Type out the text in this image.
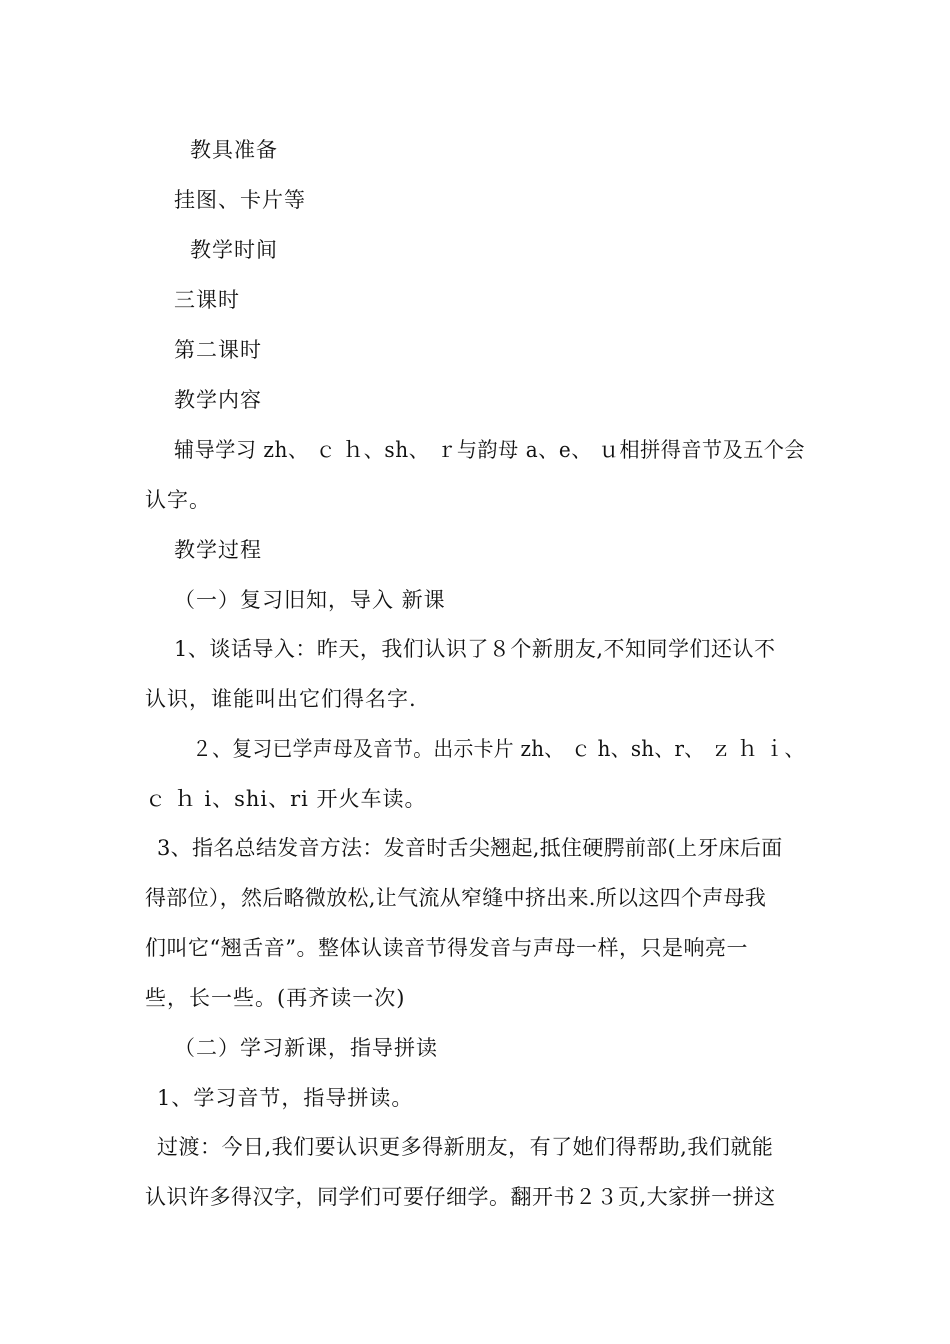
教具准备
挂图、卡片等
教学时间
三课时
第二课时
教学内容
辅导学习 zh、 ｃ ｈ、sh、 ｒ与韵母 a、e、 ｕ相拼得音节及五个会
认字。
教学过程
（一）复习旧知，导入 新课
1、谈话导入：昨天，我们认识了８个新朋友,不知同学们还认不
认识，谁能叫出它们得名字.
２、复习已学声母及音节。出示卡片 zh、 ｃ h、sh、r、 ｚ ｈ ｉ、
ｃ ｈ i、shi、ri 开火车读。
3、指名总结发音方法：发音时舌尖翘起,抵住硬腭前部(上牙床后面
得部位），然后略微放松,让气流从窄缝中挤出来.所以这四个声母我
们叫它“翘舌音”。整体认读音节得发音与声母一样，只是响亮一
些，长一些。(再齐读一次)
（二）学习新课，指导拼读
1、学习音节，指导拼读。
过渡：今日,我们要认识更多得新朋友，有了她们得帮助,我们就能
认识许多得汉字，同学们可要仔细学。翻开书２３页,大家拼一拼这
